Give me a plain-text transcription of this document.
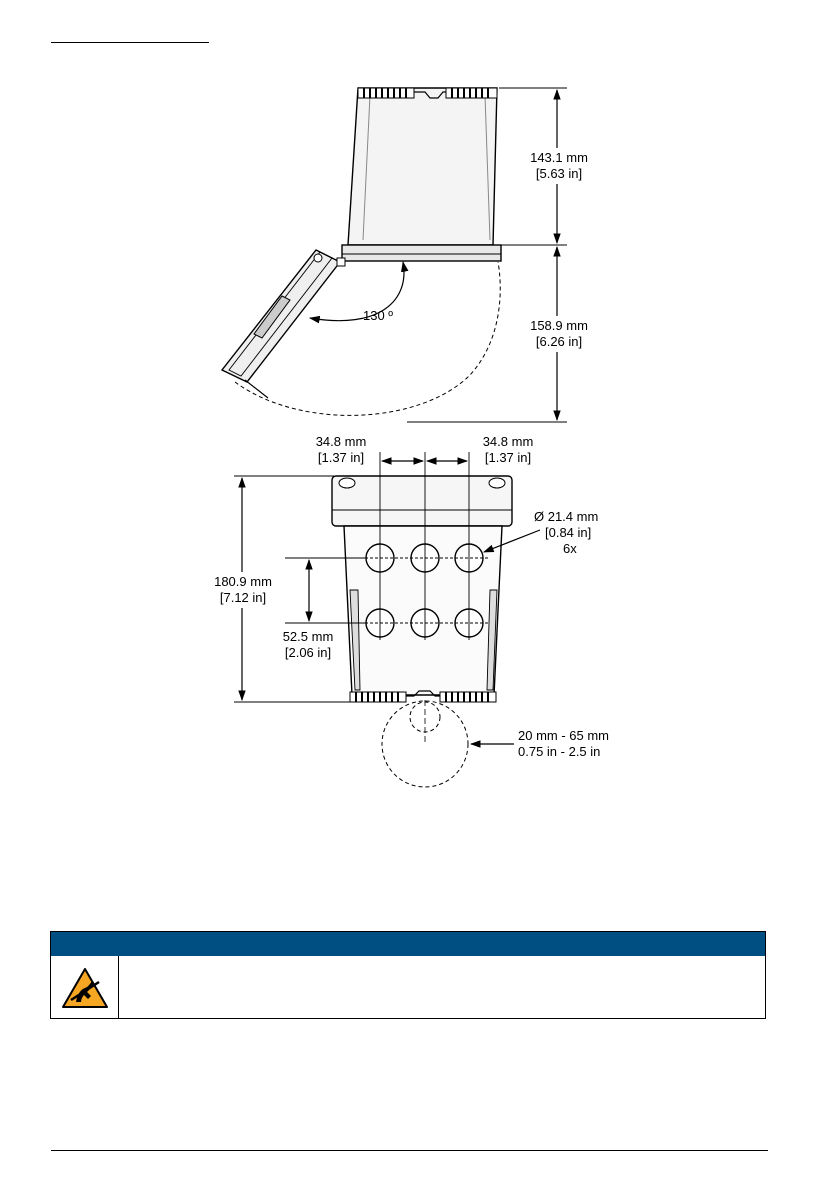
130 º
143.1 mm
[5.63 in]
158.9 mm
[6.26 in]
34.8 mm
[1.37 in]
34.8 mm
[1.37 in]
180.9 mm
[7.12 in]
52.5 mm
[2.06 in]
Ø 21.4 mm
[0.84 in]
6x
20 mm - 65 mm
0.75 in - 2.5 in
